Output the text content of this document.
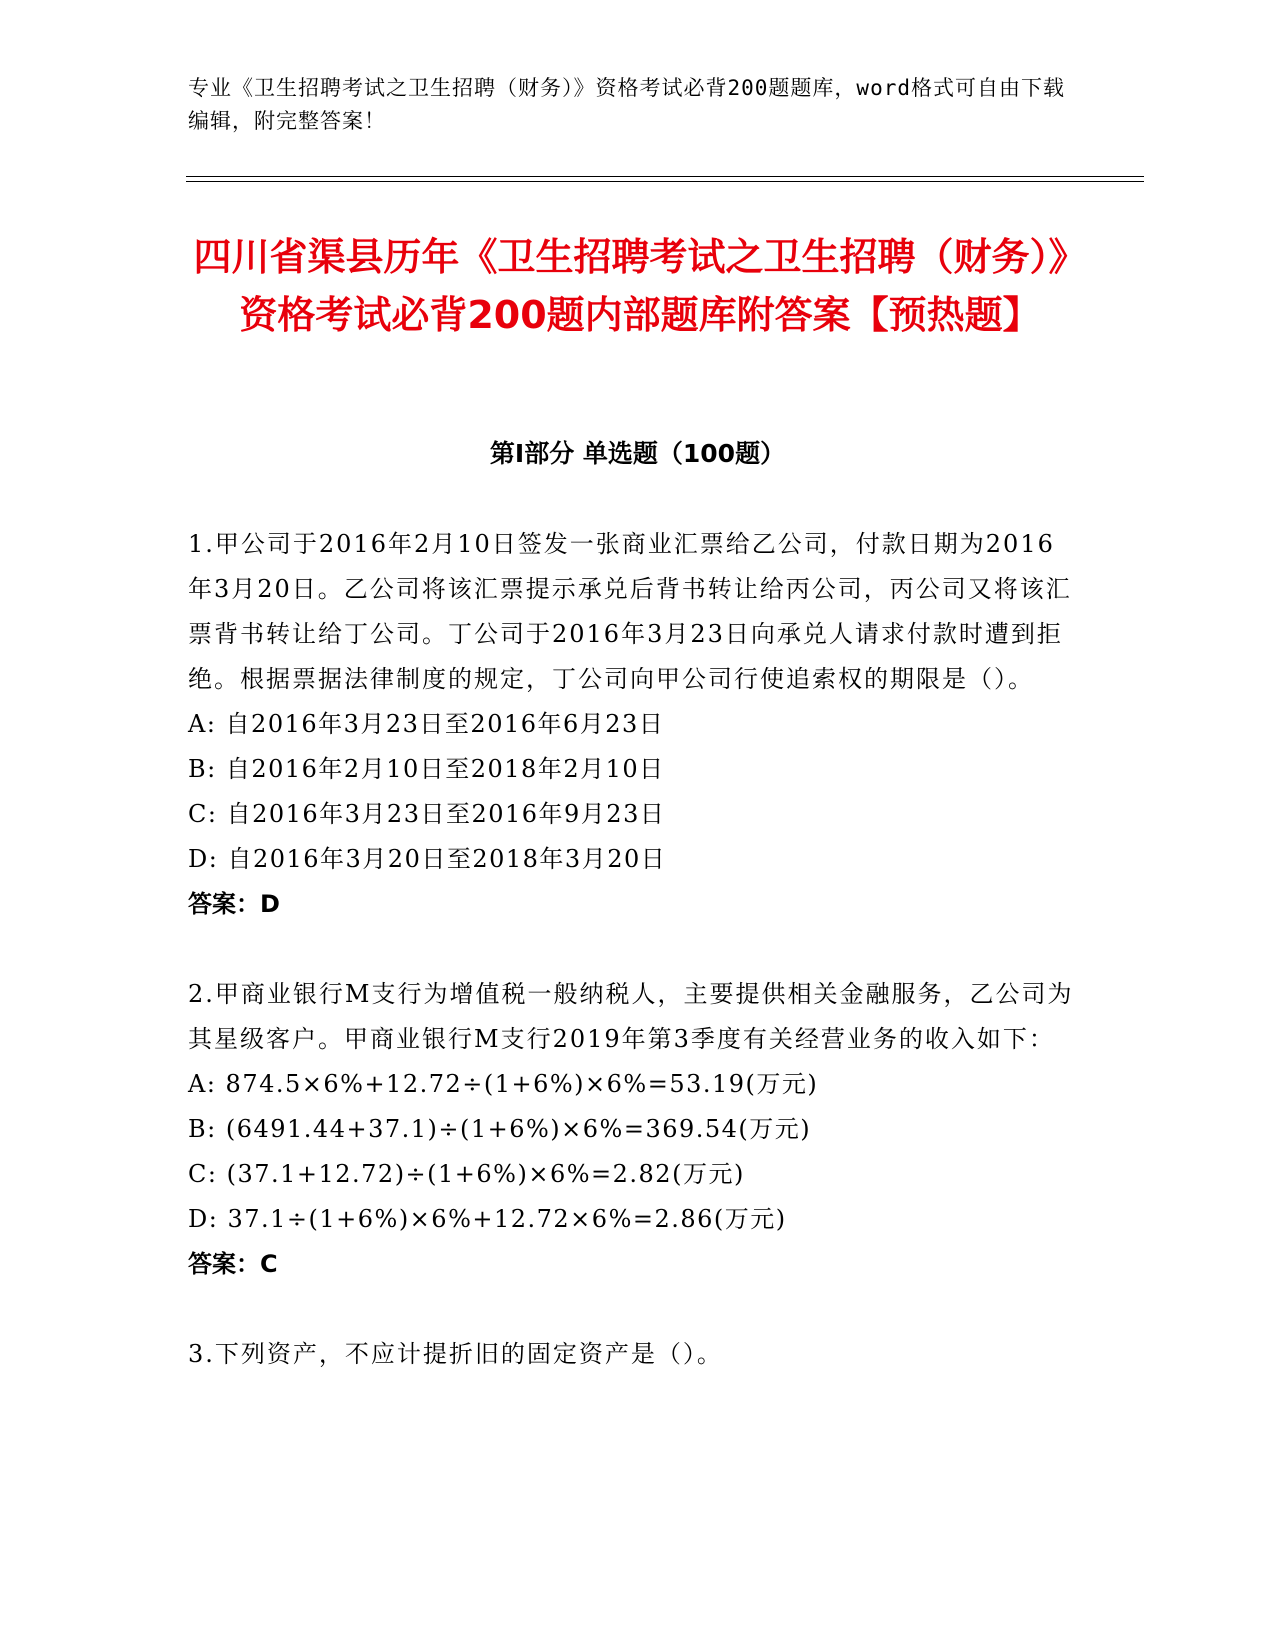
专业《卫生招聘考试之卫生招聘（财务）》资格考试必背200题题库，word格式可自由下载编辑，附完整答案！
四川省渠县历年《卫生招聘考试之卫生招聘（财务）》资格考试必背200题内部题库附答案【预热题】
第Ⅰ部分 单选题（100题）

1.甲公司于2016年2月10日签发一张商业汇票给乙公司，付款日期为2016年3月20日。乙公司将该汇票提示承兑后背书转让给丙公司，丙公司又将该汇票背书转让给丁公司。丁公司于2016年3月23日向承兑人请求付款时遭到拒绝。根据票据法律制度的规定，丁公司向甲公司行使追索权的期限是（）。

A: 自2016年3月23日至2016年6月23日

B: 自2016年2月10日至2018年2月10日

C: 自2016年3月23日至2016年9月23日

D: 自2016年3月20日至2018年3月20日

答案：D

2.甲商业银行M支行为增值税一般纳税人，主要提供相关金融服务，乙公司为其星级客户。甲商业银行M支行2019年第3季度有关经营业务的收入如下：

A: 874.5×6%+12.72÷(1+6%)×6%=53.19(万元)

B: (6491.44+37.1)÷(1+6%)×6%=369.54(万元)

C: (37.1+12.72)÷(1+6%)×6%=2.82(万元)

D: 37.1÷(1+6%)×6%+12.72×6%=2.86(万元)

答案：C

3.下列资产，不应计提折旧的固定资产是（）。
